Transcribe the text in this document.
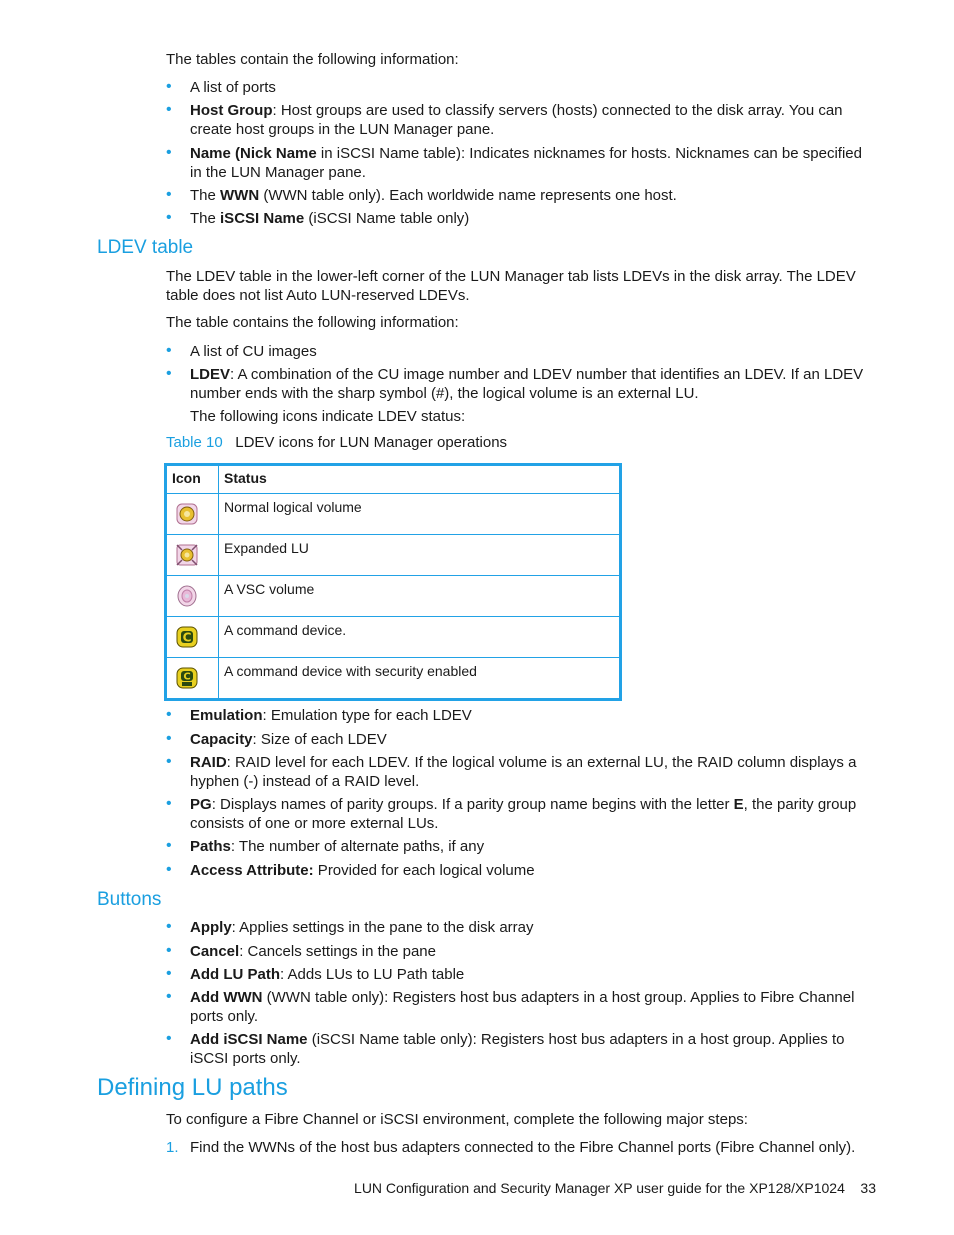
The tables contain the following information:
• A list of ports
• Host Group: Host groups are used to classify servers (hosts) connected to the disk array. You can create host groups in the LUN Manager pane.
• Name (Nick Name in iSCSI Name table): Indicates nicknames for hosts. Nicknames can be specified in the LUN Manager pane.
• The WWN (WWN table only). Each worldwide name represents one host.
• The iSCSI Name (iSCSI Name table only)
LDEV table
The LDEV table in the lower-left corner of the LUN Manager tab lists LDEVs in the disk array. The LDEV table does not list Auto LUN-reserved LDEVs.
The table contains the following information:
• A list of CU images
• LDEV: A combination of the CU image number and LDEV number that identifies an LDEV. If an LDEV number ends with the sharp symbol (#), the logical volume is an external LU.
The following icons indicate LDEV status:
Table 10 LDEV icons for LUN Manager operations
Icon	Status

	Normal logical volume

	Expanded LU

	A VSC volume

C	A command device.

C	A command device with security enabled
• Emulation: Emulation type for each LDEV
• Capacity: Size of each LDEV
• RAID: RAID level for each LDEV. If the logical volume is an external LU, the RAID column displays a hyphen (-) instead of a RAID level.
• PG: Displays names of parity groups. If a parity group name begins with the letter E, the parity group consists of one or more external LUs.
• Paths: The number of alternate paths, if any
• Access Attribute: Provided for each logical volume
Buttons
• Apply: Applies settings in the pane to the disk array
• Cancel: Cancels settings in the pane
• Add LU Path: Adds LUs to LU Path table
• Add WWN (WWN table only): Registers host bus adapters in a host group. Applies to Fibre Channel ports only.
• Add iSCSI Name (iSCSI Name table only): Registers host bus adapters in a host group. Applies to iSCSI ports only.
Defining LU paths
To configure a Fibre Channel or iSCSI environment, complete the following major steps:
1. Find the WWNs of the host bus adapters connected to the Fibre Channel ports (Fibre Channel only).
LUN Configuration and Security Manager XP user guide for the XP128/XP1024 33
